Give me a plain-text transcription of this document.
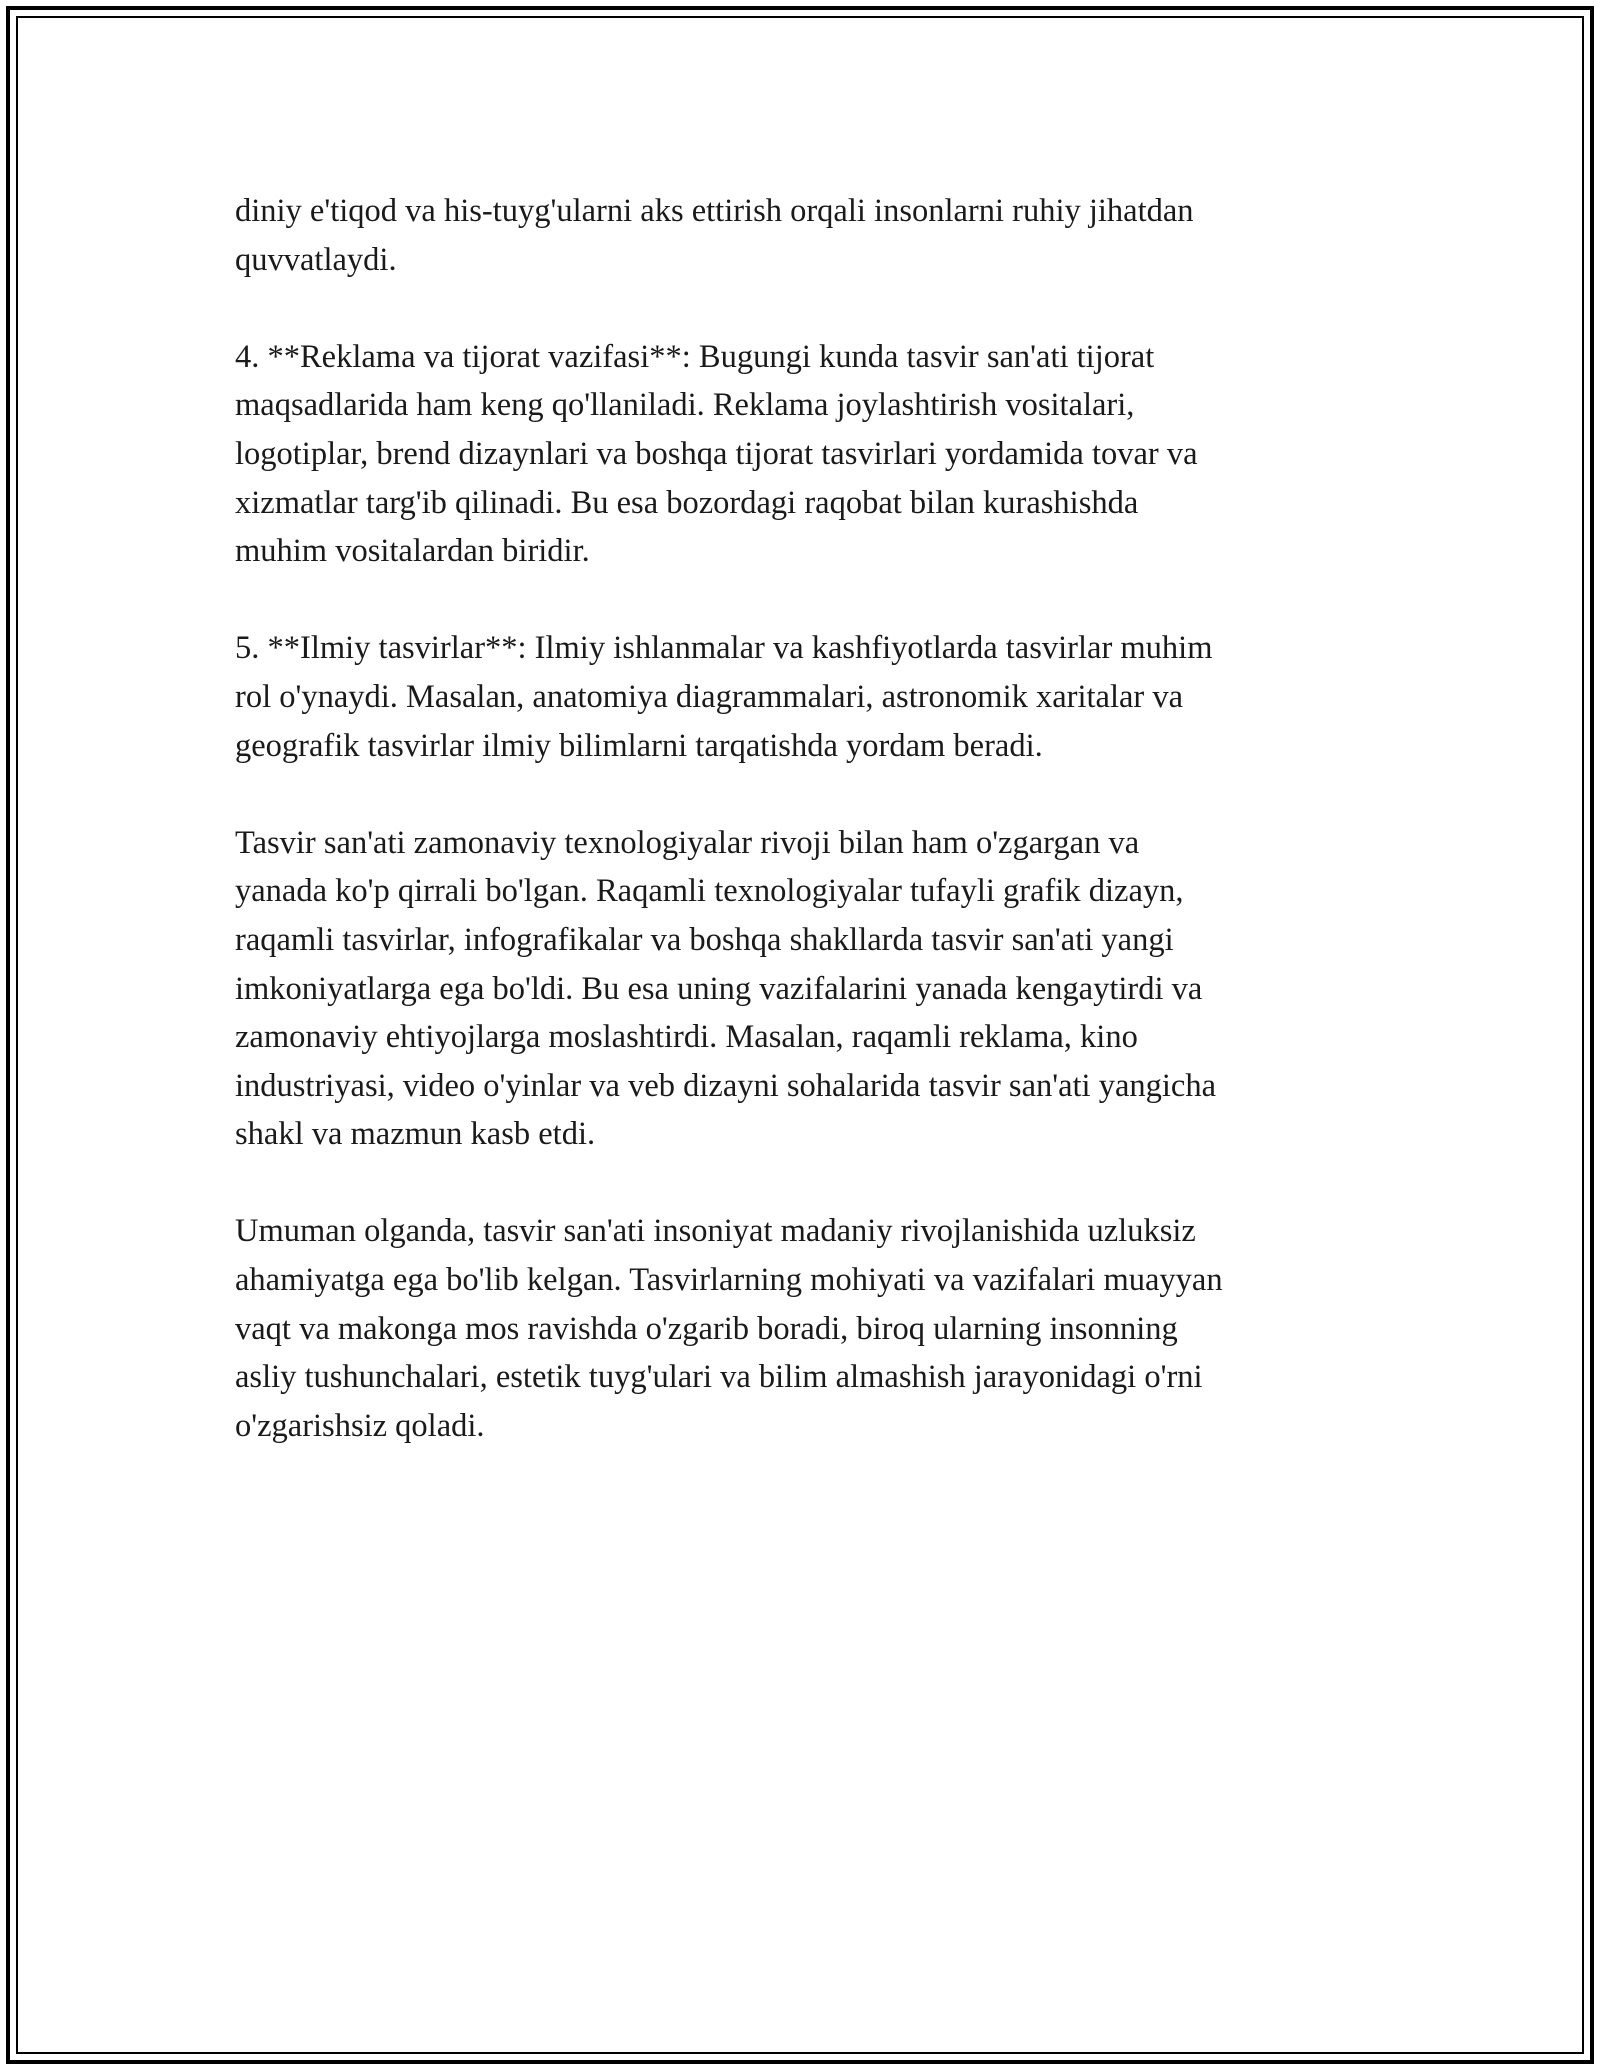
diniy e'tiqod va his-tuyg'ularni aks ettirish orqali insonlarni ruhiy jihatdan
quvvatlaydi.

4. **Reklama va tijorat vazifasi**: Bugungi kunda tasvir san'ati tijorat
maqsadlarida ham keng qo'llaniladi. Reklama joylashtirish vositalari,
logotiplar, brend dizaynlari va boshqa tijorat tasvirlari yordamida tovar va
xizmatlar targ'ib qilinadi. Bu esa bozordagi raqobat bilan kurashishda
muhim vositalardan biridir.

5. **Ilmiy tasvirlar**: Ilmiy ishlanmalar va kashfiyotlarda tasvirlar muhim
rol o'ynaydi. Masalan, anatomiya diagrammalari, astronomik xaritalar va
geografik tasvirlar ilmiy bilimlarni tarqatishda yordam beradi.

Tasvir san'ati zamonaviy texnologiyalar rivoji bilan ham o'zgargan va
yanada ko'p qirrali bo'lgan. Raqamli texnologiyalar tufayli grafik dizayn,
raqamli tasvirlar, infografikalar va boshqa shakllarda tasvir san'ati yangi
imkoniyatlarga ega bo'ldi. Bu esa uning vazifalarini yanada kengaytirdi va
zamonaviy ehtiyojlarga moslashtirdi. Masalan, raqamli reklama, kino
industriyasi, video o'yinlar va veb dizayni sohalarida tasvir san'ati yangicha
shakl va mazmun kasb etdi.

Umuman olganda, tasvir san'ati insoniyat madaniy rivojlanishida uzluksiz
ahamiyatga ega bo'lib kelgan. Tasvirlarning mohiyati va vazifalari muayyan
vaqt va makonga mos ravishda o'zgarib boradi, biroq ularning insonning
asliy tushunchalari, estetik tuyg'ulari va bilim almashish jarayonidagi o'rni
o'zgarishsiz qoladi.
